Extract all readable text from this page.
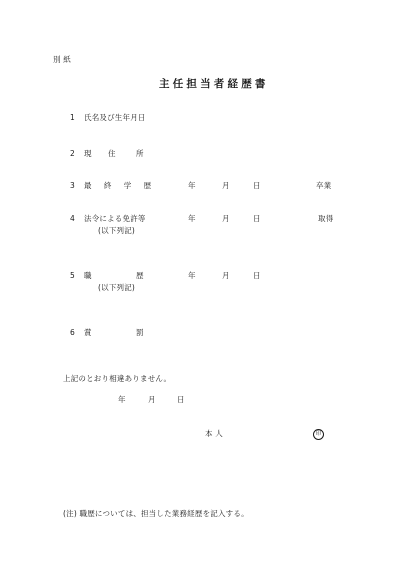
別 紙
主任担当者経歴書
1 氏名及び生年月日
2 現 住	所
3 最 終 学 歴	年	月	日	卒業
4 法令による免許等	年	月	日	取得
(以下列記)
5 職	歴	年	月	日
(以下列記)
6 賞	罰
上記のとおり相違ありません。
年	月	日
本 人	印
(注) 職歴については、担当した業務経歴を記入する。
